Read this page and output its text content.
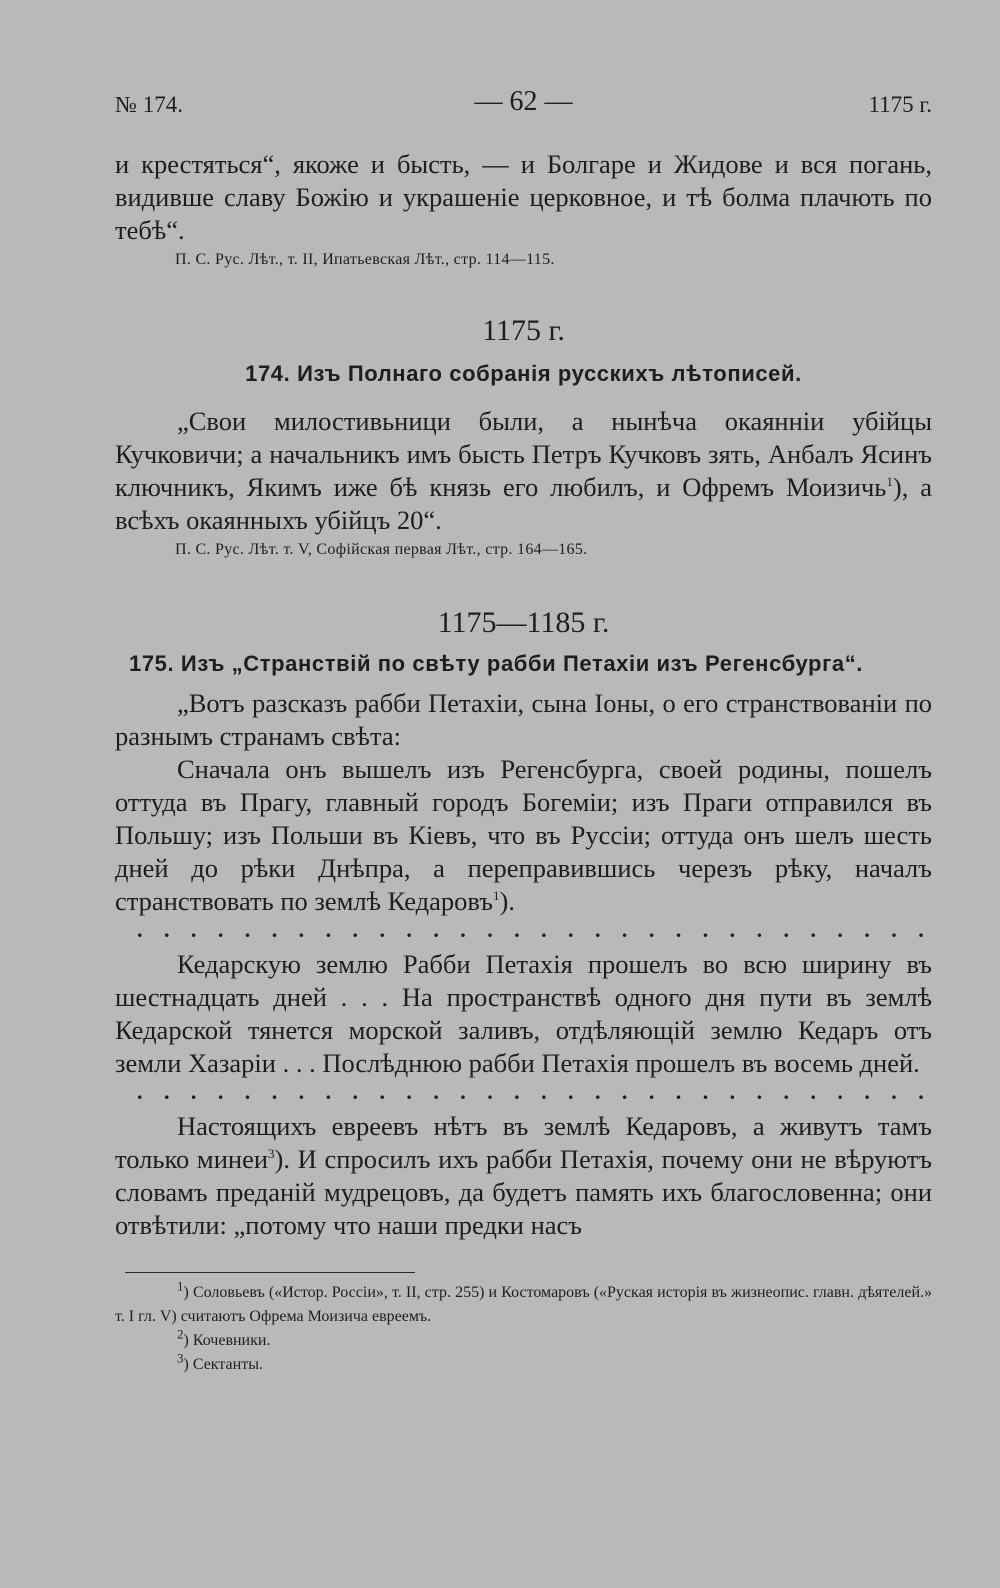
№ 174.	— 62 —	1175 г.

и крестяться“, якоже и бысть, — и Болгаре и Жидове и вся погань, видивше славу Божію и украшеніе церковное, и тѣ болма плачють по тебѣ“.

П. С. Рус. Лѣт., т. II, Ипатьевская Лѣт., стр. 114—115.
1175 г.
174. Изъ Полнаго собранія русскихъ лѣтописей.

„Свои милостивьници были, а нынѣча окаянніи убійцы Кучковичи; а начальникъ имъ бысть Петръ Кучковъ зять, Анбалъ Ясинъ ключникъ, Якимъ иже бѣ князь его любилъ, и Офремъ Моизичь$^1$), а всѣхъ окаянныхъ убійцъ 20“.

П. С. Рус. Лѣт. т. V, Софійская первая Лѣт., стр. 164—165.
1175—1185 г.
175. Изъ „Странствій по свѣту рабби Петахіи изъ Регенсбурга“.

„Вотъ разсказъ рабби Петахіи, сына Іоны, о его странствованіи по разнымъ странамъ свѣта:

Сначала онъ вышелъ изъ Регенсбурга, своей родины, пошелъ оттуда въ Прагу, главный городъ Богеміи; изъ Праги отправился въ Польшу; изъ Польши въ Кіевъ, что въ Руссіи; оттуда онъ шелъ шесть дней до рѣки Днѣпра, а переправившись черезъ рѣку, началъ странствовать по землѣ Кедаровъ$^1$).

. . . . . . . . . . . . . . . . . . . . . . . . . . . . . .

Кедарскую землю Рабби Петахія прошелъ во всю ширину въ шестнадцать дней . . . На пространствѣ одного дня пути въ землѣ Кедарской тянется морской заливъ, отдѣляющій землю Кедаръ отъ земли Хазаріи . . . Послѣднюю рабби Петахія прошелъ въ восемь дней.

. . . . . . . . . . . . . . . . . . . . . . . . . . . . . .

Настоящихъ евреевъ нѣтъ въ землѣ Кедаровъ, а живутъ тамъ только минеи$^3$). И спросилъ ихъ рабби Петахія, почему они не вѣруютъ словамъ преданій мудрецовъ, да будетъ память ихъ благословенна; они отвѣтили: „потому что наши предки насъ

$^1$) Соловьевъ («Истор. Россіи», т. II, стр. 255) и Костомаровъ («Руская исторія въ жизнеопис. главн. дѣятелей.» т. I гл. V) считаютъ Офрема Моизича евреемъ.

$^2$) Кочевники.

$^3$) Сектанты.
